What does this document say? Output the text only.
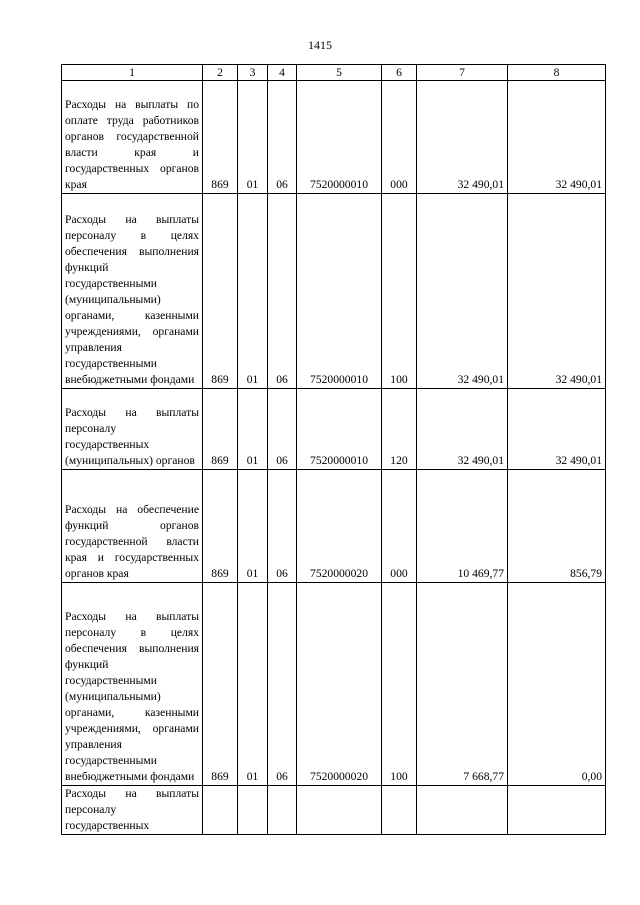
1415
1	2	3	4	5	6	7	8
Расходы на выплаты по оплате труда работников органов государственной власти края и государственных органов края	869	01	06	7520000010	000	32 490,01	32 490,01
Расходы на выплаты персоналу в целях обеспечения выполнения функций государственными (муниципальными) органами, казенными учреждениями, органами управления государственными внебюджетными фондами	869	01	06	7520000010	100	32 490,01	32 490,01
Расходы на выплаты персоналу государственных (муниципальных) органов	869	01	06	7520000010	120	32 490,01	32 490,01
Расходы на обеспечение функций органов государственной власти края и государственных органов края	869	01	06	7520000020	000	10 469,77	856,79
Расходы на выплаты персоналу в целях обеспечения выполнения функций государственными (муниципальными) органами, казенными учреждениями, органами управления государственными внебюджетными фондами	869	01	06	7520000020	100	7 668,77	0,00
Расходы на выплаты персоналу государственных							
